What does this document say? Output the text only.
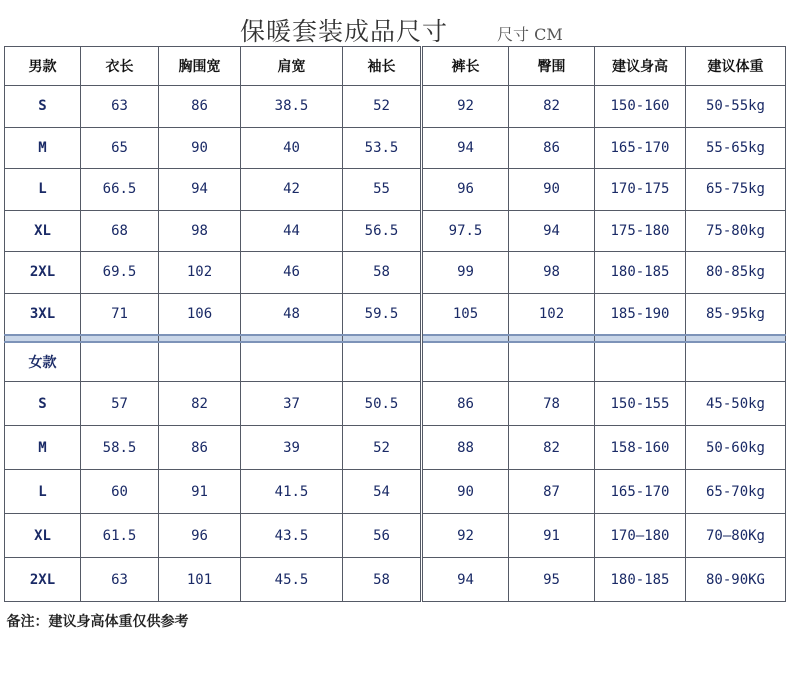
保暖套装成品尺寸	尺寸 CM
男款	衣长	胸围宽	肩宽	袖长	裤长	臀围	建议身高	建议体重
S	63	86	38.5	52	92	82	150-160	50-55kg
M	65	90	40	53.5	94	86	165-170	55-65kg
L	66.5	94	42	55	96	90	170-175	65-75kg
XL	68	98	44	56.5	97.5	94	175-180	75-80kg
2XL	69.5	102	46	58	99	98	180-185	80-85kg
3XL	71	106	48	59.5	105	102	185-190	85-95kg

女款								
S	57	82	37	50.5	86	78	150-155	45-50kg
M	58.5	86	39	52	88	82	158-160	50-60kg
L	60	91	41.5	54	90	87	165-170	65-70kg
XL	61.5	96	43.5	56	92	91	170—180	70—80Kg
2XL	63	101	45.5	58	94	95	180-185	80-90KG
备注：建议身高体重仅供参考								
